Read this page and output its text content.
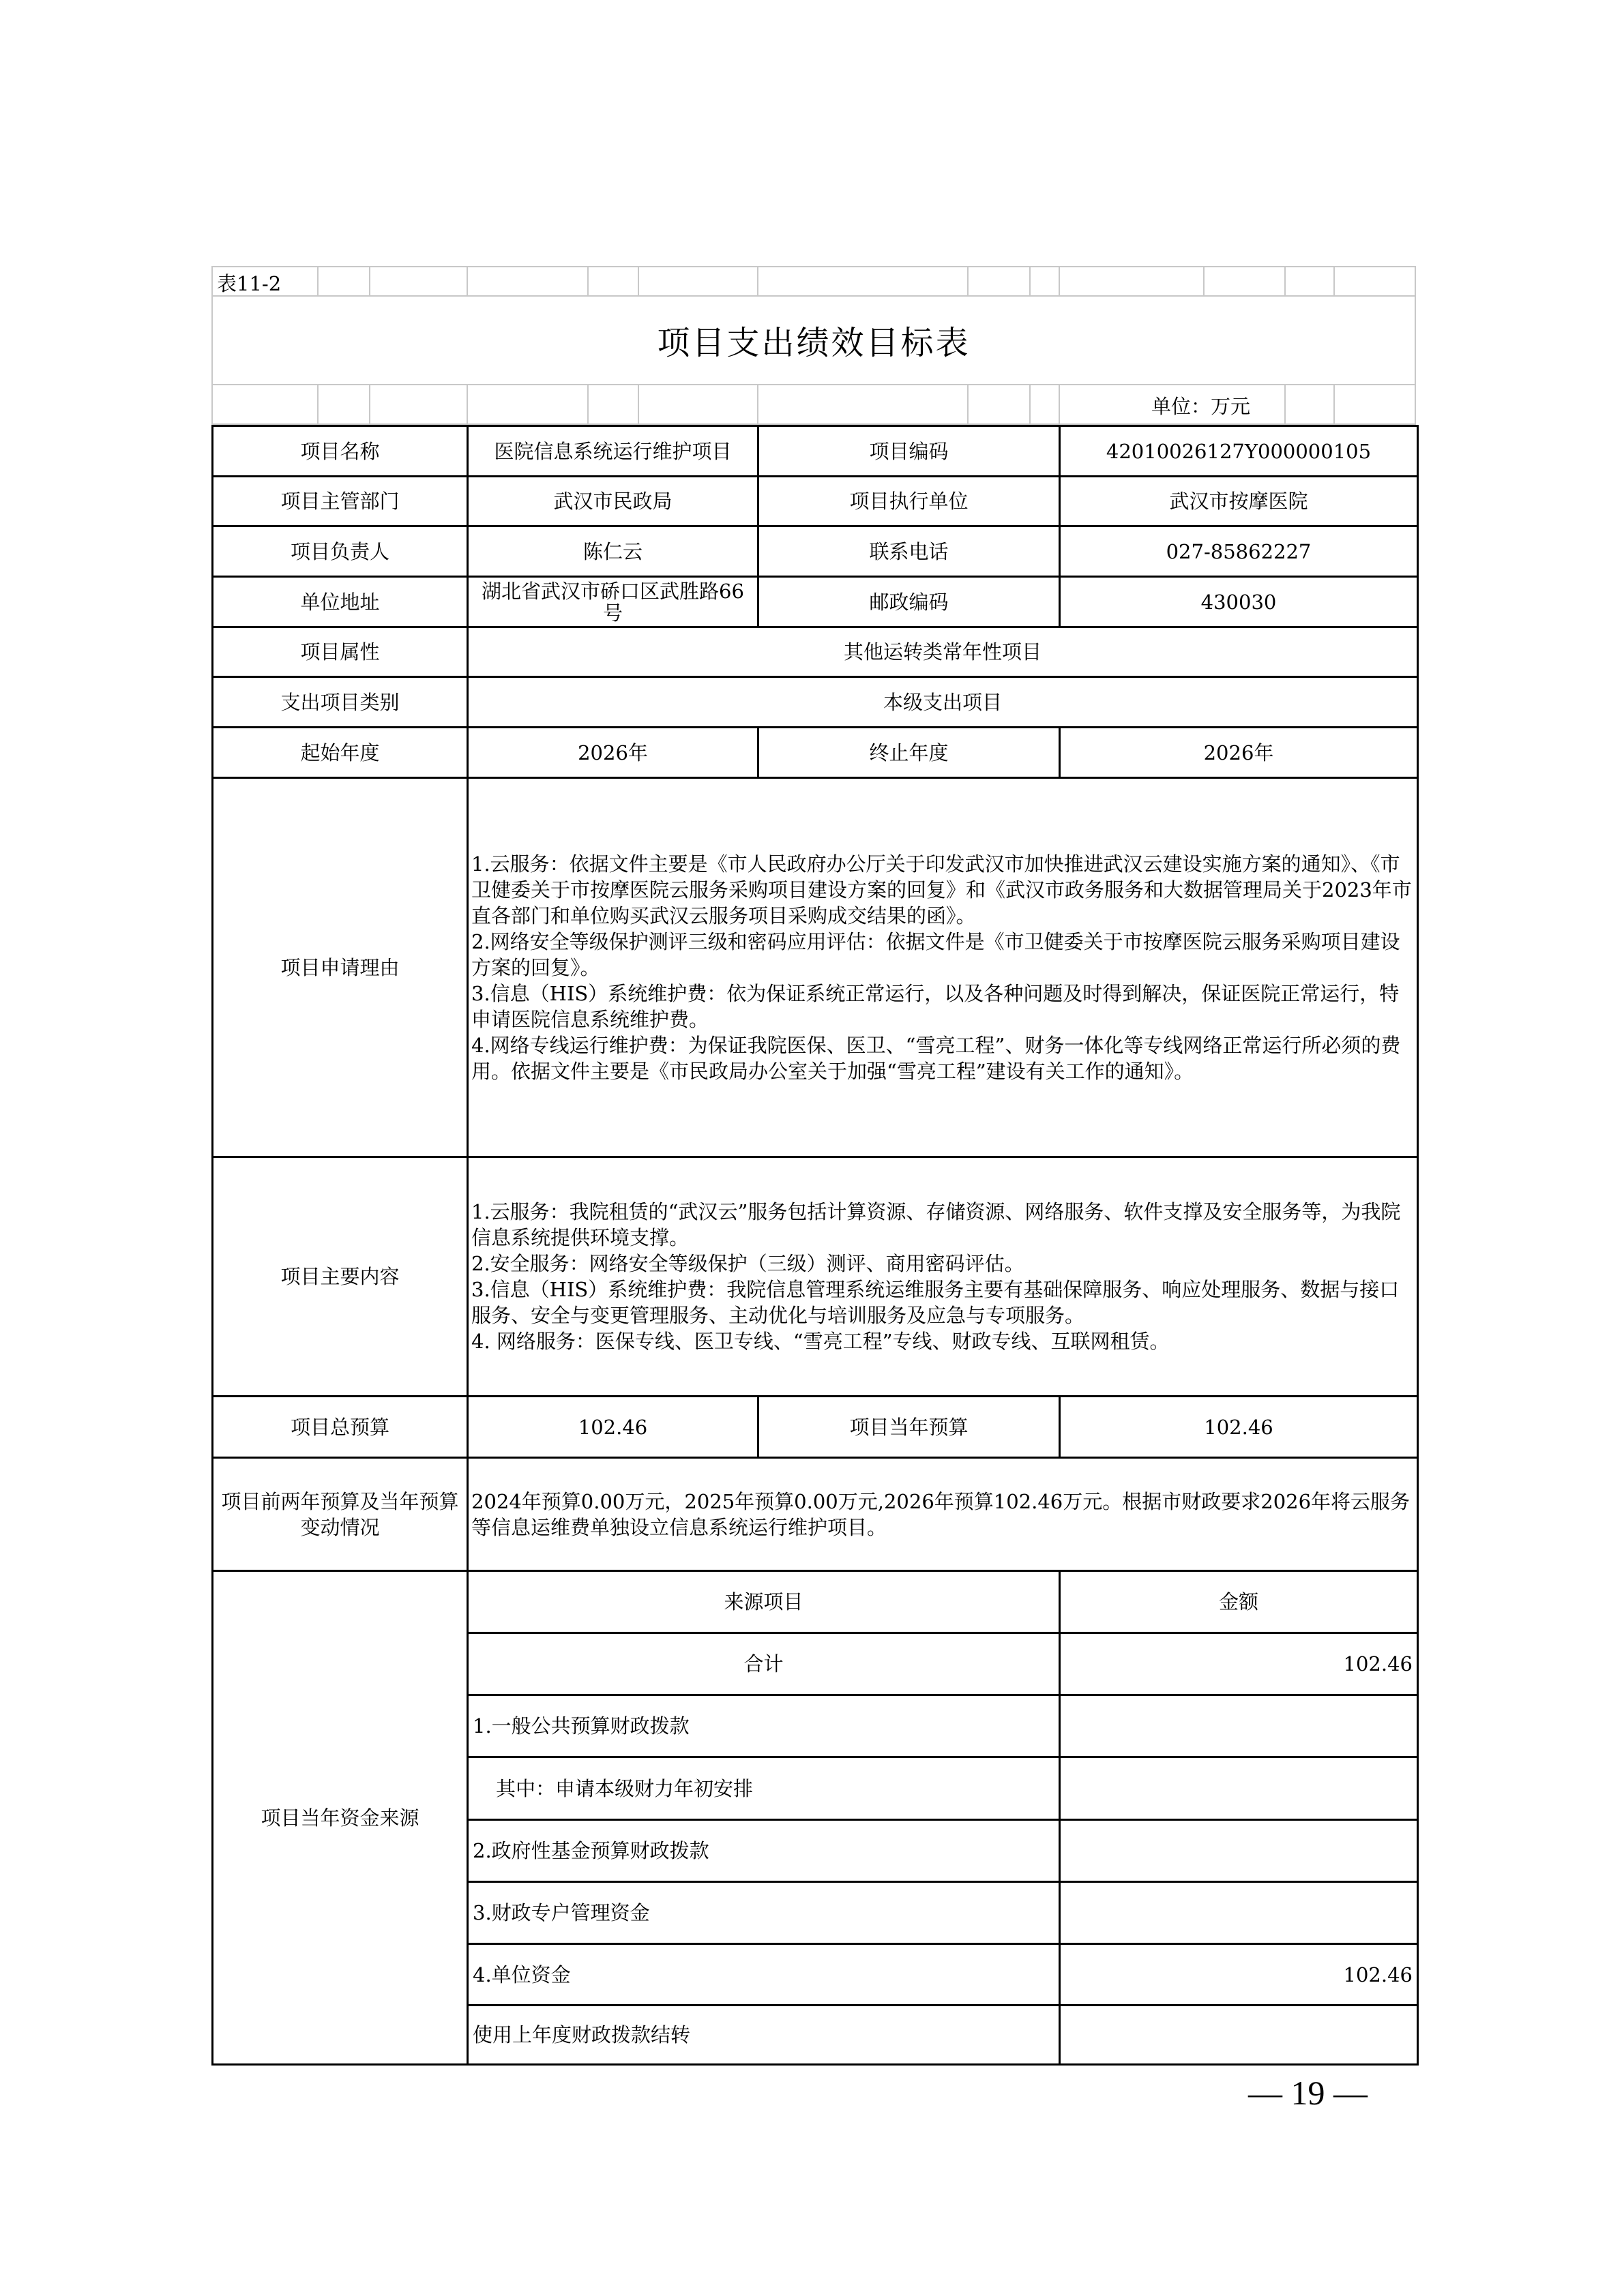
表11-2
项目支出绩效目标表
单位：万元
项目名称	医院信息系统运行维护项目	项目编码	42010026127Y000000105
项目主管部门	武汉市民政局	项目执行单位	武汉市按摩医院
项目负责人	陈仁云	联系电话	027-85862227
单位地址	湖北省武汉市硚口区武胜路66号	邮政编码	430030
项目属性	其他运转类常年性项目		
支出项目类别	本级支出项目		
起始年度	2026年	终止年度	2026年
项目申请理由	1.云服务：依据文件主要是《市人民政府办公厅关于印发武汉市加快推进武汉云建设实施方案的通知》、《市卫健委关于市按摩医院云服务采购项目建设方案的回复》和《武汉市政务服务和大数据管理局关于2023年市直各部门和单位购买武汉云服务项目采购成交结果的函》。
2.网络安全等级保护测评三级和密码应用评估：依据文件是《市卫健委关于市按摩医院云服务采购项目建设方案的回复》。
3.信息（HIS）系统维护费：依为保证系统正常运行，以及各种问题及时得到解决，保证医院正常运行，特申请医院信息系统维护费。
4.网络专线运行维护费：为保证我院医保、医卫、“雪亮工程”、财务一体化等专线网络正常运行所必须的费用。依据文件主要是《市民政局办公室关于加强“雪亮工程”建设有关工作的通知》。		

项目主要内容	1.云服务：我院租赁的“武汉云”服务包括计算资源、存储资源、网络服务、软件支撑及安全服务等，为我院信息系统提供环境支撑。
2.安全服务：网络安全等级保护（三级）测评、商用密码评估。
3.信息（HIS）系统维护费：我院信息管理系统运维服务主要有基础保障服务、响应处理服务、数据与接口服务、安全与变更管理服务、主动优化与培训服务及应急与专项服务。
4. 网络服务：医保专线、医卫专线、“雪亮工程”专线、财政专线、互联网租赁。		

项目总预算	102.46	项目当年预算	102.46
项目前两年预算及当年预算变动情况	2024年预算0.00万元，2025年预算0.00万元,2026年预算102.46万元。根据市财政要求2026年将云服务等信息运维费单独设立信息系统运行维护项目。		
项目当年资金来源	来源项目		金额
	合计		102.46
	1.一般公共预算财政拨款		
	其中：申请本级财力年初安排		
	2.政府性基金预算财政拨款		
	3.财政专户管理资金		
	4.单位资金		102.46
	使用上年度财政拨款结转		
— 19 —
